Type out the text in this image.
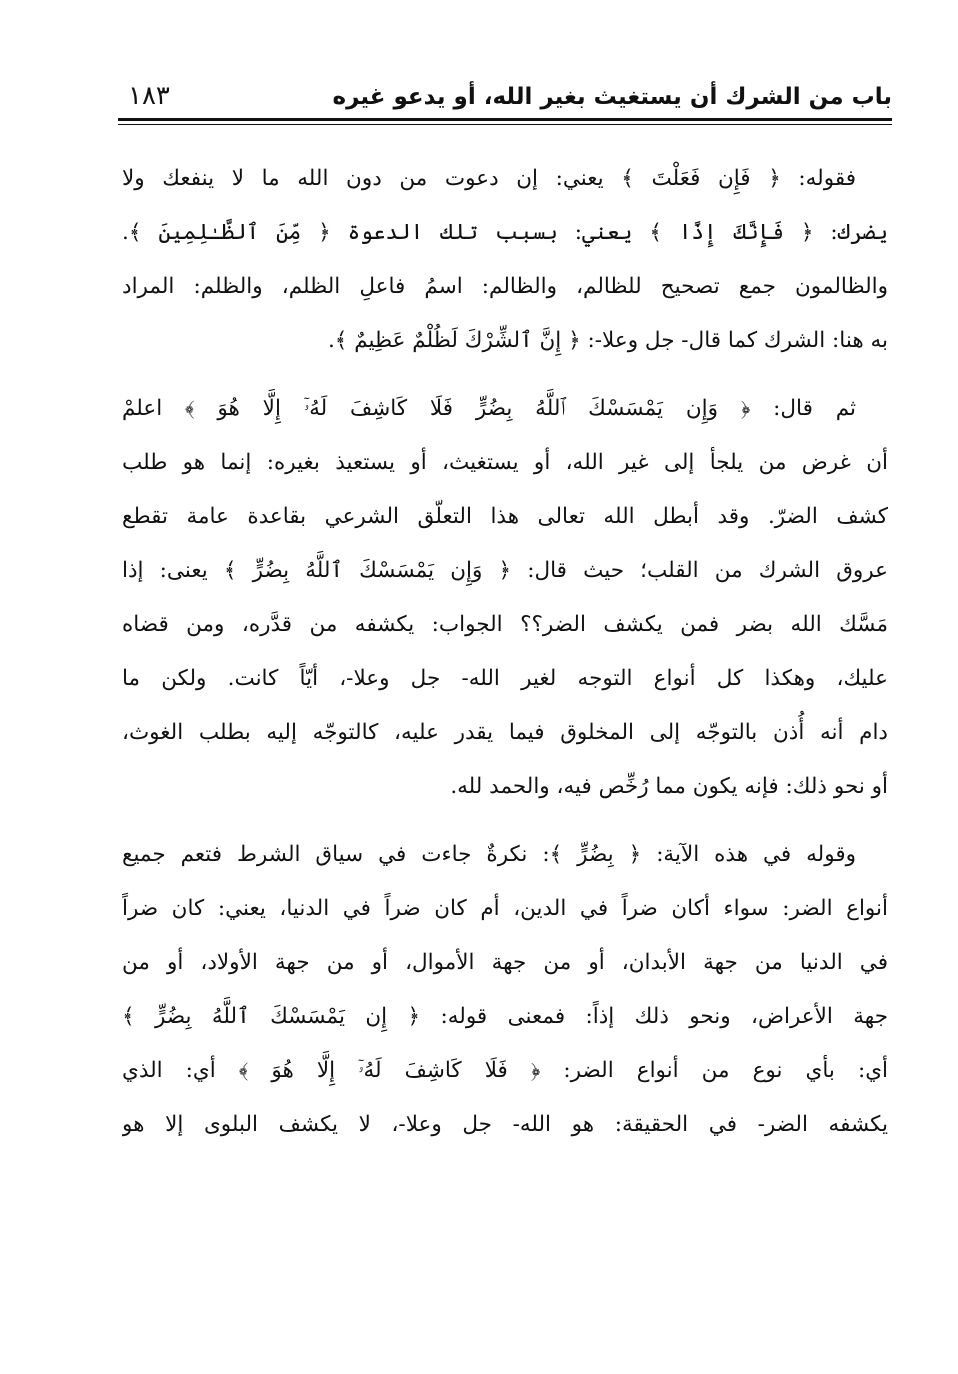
باب من الشرك أن يستغيث بغير الله، أو يدعو غيره
١٨٣
فقوله: ﴿ فَإِن فَعَلْتَ ﴾ يعني: إن دعوت من دون الله ما لا ينفعك ولا
يضرك: ﴿ فَإِنَّكَ إِذًا ﴾ يعني: بسبب تلك الدعوة ﴿ مِّنَ ٱلظَّـٰلِمِينَ ﴾.
والظالمون جمع تصحيح للظالم، والظالم: اسمُ فاعلِ الظلم، والظلم: المراد
به هنا: الشرك كما قال- جل وعلا-: ﴿ إِنَّ ٱلشِّرْكَ لَظُلْمٌ عَظِيمٌ ﴾.
ثم قال: ﴿ وَإِن يَمْسَسْكَ ٱللَّهُ بِضُرٍّ فَلَا كَاشِفَ لَهُۥٓ إِلَّا هُوَ ﴾ اعلمْ
أن غرض من يلجأ إلى غير الله، أو يستغيث، أو يستعيذ بغيره: إنما هو طلب
كشف الضرّ. وقد أبطل الله تعالى هذا التعلّق الشرعي بقاعدة عامة تقطع
عروق الشرك من القلب؛ حيث قال: ﴿ وَإِن يَمْسَسْكَ ٱللَّهُ بِضُرٍّ ﴾ يعنى: إذا
مَسَّك الله بضر فمن يكشف الضر؟؟ الجواب: يكشفه من قدَّره، ومن قضاه
عليك، وهكذا كل أنواع التوجه لغير الله- جل وعلا-، أيّاً كانت. ولكن ما
دام أنه أُذن بالتوجّه إلى المخلوق فيما يقدر عليه، كالتوجّه إليه بطلب الغوث،
أو نحو ذلك: فإنه يكون مما رُخِّص فيه، والحمد لله.
وقوله في هذه الآية: ﴿ بِضُرٍّ ﴾: نكرةٌ جاءت في سياق الشرط فتعم جميع
أنواع الضر: سواء أكان ضراً في الدين، أم كان ضراً في الدنيا، يعني: كان ضراً
في الدنيا من جهة الأبدان، أو من جهة الأموال، أو من جهة الأولاد، أو من
جهة الأعراض، ونحو ذلك إذاً: فمعنى قوله: ﴿ إِن يَمْسَسْكَ ٱللَّهُ بِضُرٍّ ﴾
أي: بأي نوع من أنواع الضر: ﴿ فَلَا كَاشِفَ لَهُۥٓ إِلَّا هُوَ ﴾ أي: الذي
يكشفه الضر- في الحقيقة: هو الله- جل وعلا-، لا يكشف البلوى إلا هو
